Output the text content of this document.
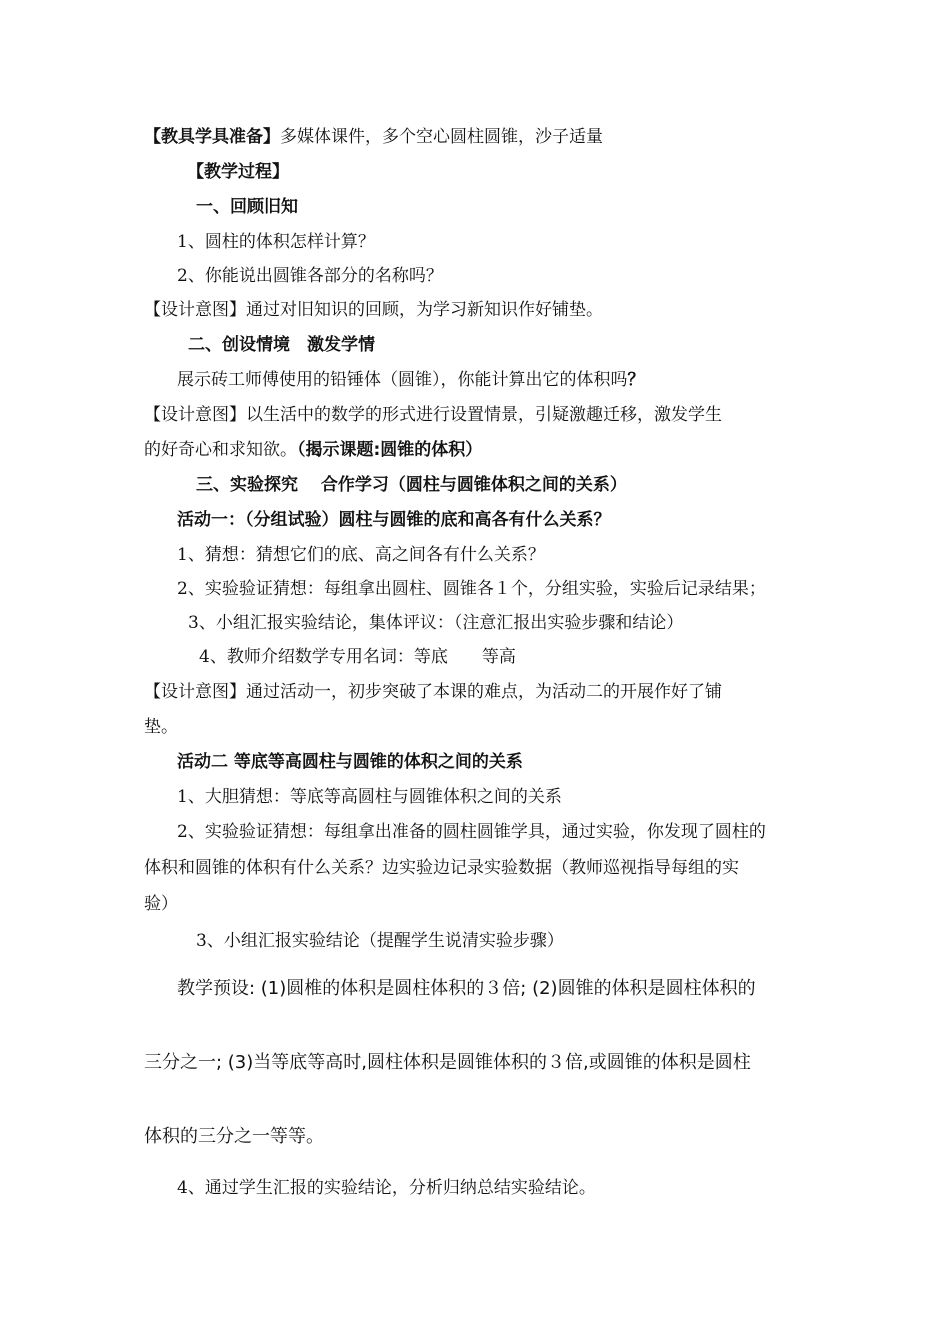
【教具学具准备】多媒体课件，多个空心圆柱圆锥，沙子适量
【教学过程】
一、回顾旧知
1、圆柱的体积怎样计算？
2、你能说出圆锥各部分的名称吗？
【设计意图】通过对旧知识的回顾，为学习新知识作好铺垫。
二、创设情境　激发学情
展示砖工师傅使用的铅锤体（圆锥），你能计算出它的体积吗？
【设计意图】以生活中的数学的形式进行设置情景，引疑激趣迁移，激发学生
的好奇心和求知欲。（揭示课题:圆锥的体积）
三、实验探究　 合作学习（圆柱与圆锥体积之间的关系）
活动一：（分组试验）圆柱与圆锥的底和高各有什么关系？
1、猜想：猜想它们的底、高之间各有什么关系？
2、实验验证猜想：每组拿出圆柱、圆锥各１个，分组实验，实验后记录结果；
3、小组汇报实验结论，集体评议：（注意汇报出实验步骤和结论）
4、教师介绍数学专用名词：等底　　等高
【设计意图】通过活动一，初步突破了本课的难点，为活动二的开展作好了铺
垫。
活动二 等底等高圆柱与圆锥的体积之间的关系
1、大胆猜想：等底等高圆柱与圆锥体积之间的关系
2、实验验证猜想：每组拿出准备的圆柱圆锥学具，通过实验，你发现了圆柱的
体积和圆锥的体积有什么关系？边实验边记录实验数据（教师巡视指导每组的实
验）
3、小组汇报实验结论（提醒学生说清实验步骤）
教学预设: (1)圆椎的体积是圆柱体积的３倍; (2)圆锥的体积是圆柱体积的
三分之一; (3)当等底等高时,圆柱体积是圆锥体积的３倍,或圆锥的体积是圆柱
体积的三分之一等等。
4、通过学生汇报的实验结论，分析归纳总结实验结论。
